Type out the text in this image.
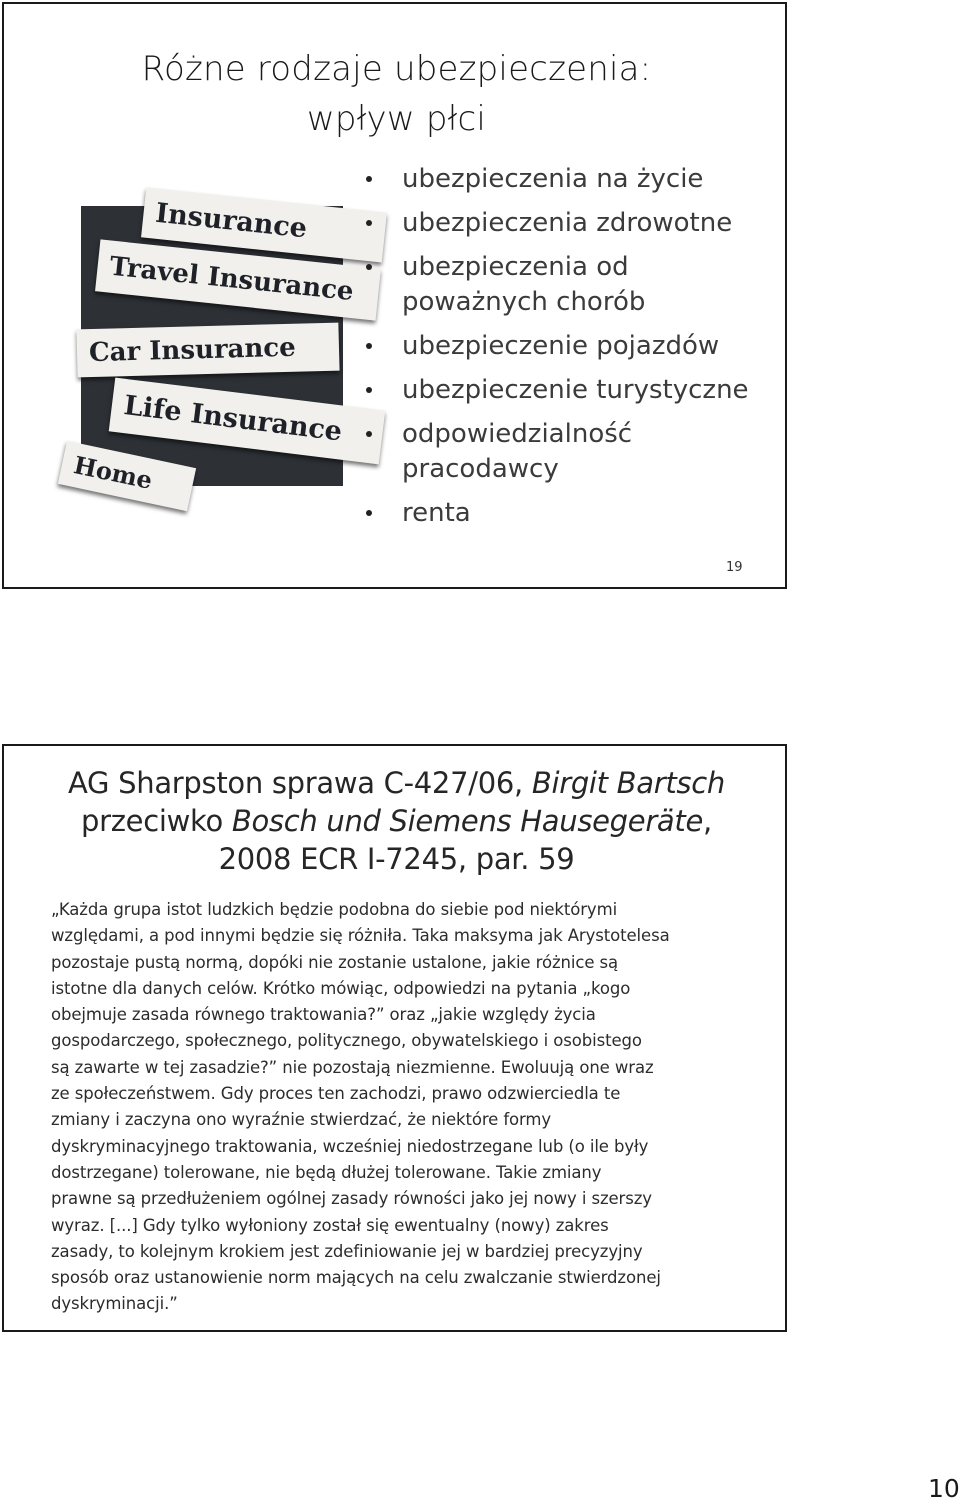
Różne rodzaje ubezpieczenia:
wpływ płci
Insurance
Travel Insurance
Car Insurance
Life Insurance
Home
ubezpieczenia na życie
ubezpieczenia zdrowotne
ubezpieczenia od
poważnych chorób
ubezpieczenie pojazdów
ubezpieczenie turystyczne
odpowiedzialność
pracodawcy
renta
19
AG Sharpston sprawa C-427/06, Birgit Bartsch
przeciwko Bosch und Siemens Hausegeräte,
2008 ECR I-7245, par. 59
„Każda grupa istot ludzkich będzie podobna do siebie pod niektórymi
względami, a pod innymi będzie się różniła. Taka maksyma jak Arystotelesa
pozostaje pustą normą, dopóki nie zostanie ustalone, jakie różnice są
istotne dla danych celów. Krótko mówiąc, odpowiedzi na pytania „kogo
obejmuje zasada równego traktowania?” oraz „jakie względy życia
gospodarczego, społecznego, politycznego, obywatelskiego i osobistego
są zawarte w tej zasadzie?” nie pozostają niezmienne. Ewoluują one wraz
ze społeczeństwem. Gdy proces ten zachodzi, prawo odzwierciedla te
zmiany i zaczyna ono wyraźnie stwierdzać, że niektóre formy
dyskryminacyjnego traktowania, wcześniej niedostrzegane lub (o ile były
dostrzegane) tolerowane, nie będą dłużej tolerowane. Takie zmiany
prawne są przedłużeniem ogólnej zasady równości jako jej nowy i szerszy
wyraz. [...] Gdy tylko wyłoniony został się ewentualny (nowy) zakres
zasady, to kolejnym krokiem jest zdefiniowanie jej w bardziej precyzyjny
sposób oraz ustanowienie norm mających na celu zwalczanie stwierdzonej
dyskryminacji.”
10
